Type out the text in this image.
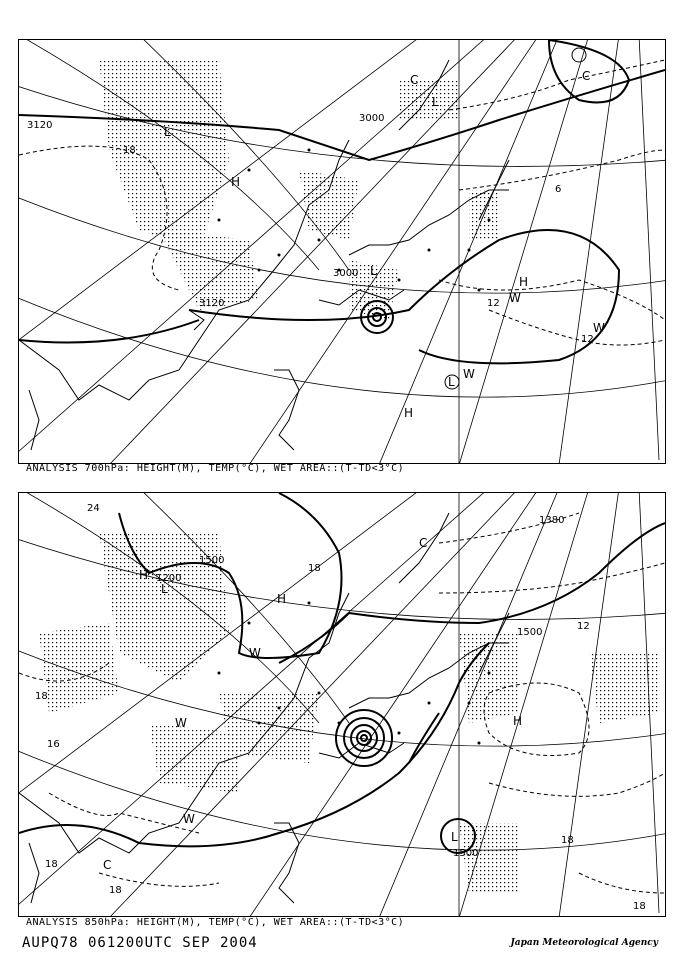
3120
3000
3000
3120
18
12
12
6
L
L
L
L
H
H
H
W
W
W
C
C
ANALYSIS 700hPa: HEIGHT(M), TEMP(°C), WET AREA::(T-TD<3°C)
1500
1200
1500
1500
1380
24
18
18
18
18
18
12
16
18
L
L
H
H
H
W
W
W
C
C
ANALYSIS 850hPa: HEIGHT(M), TEMP(°C), WET AREA::(T-TD<3°C)
AUPQ78 061200UTC SEP 2004	Japan Meteorological Agency
